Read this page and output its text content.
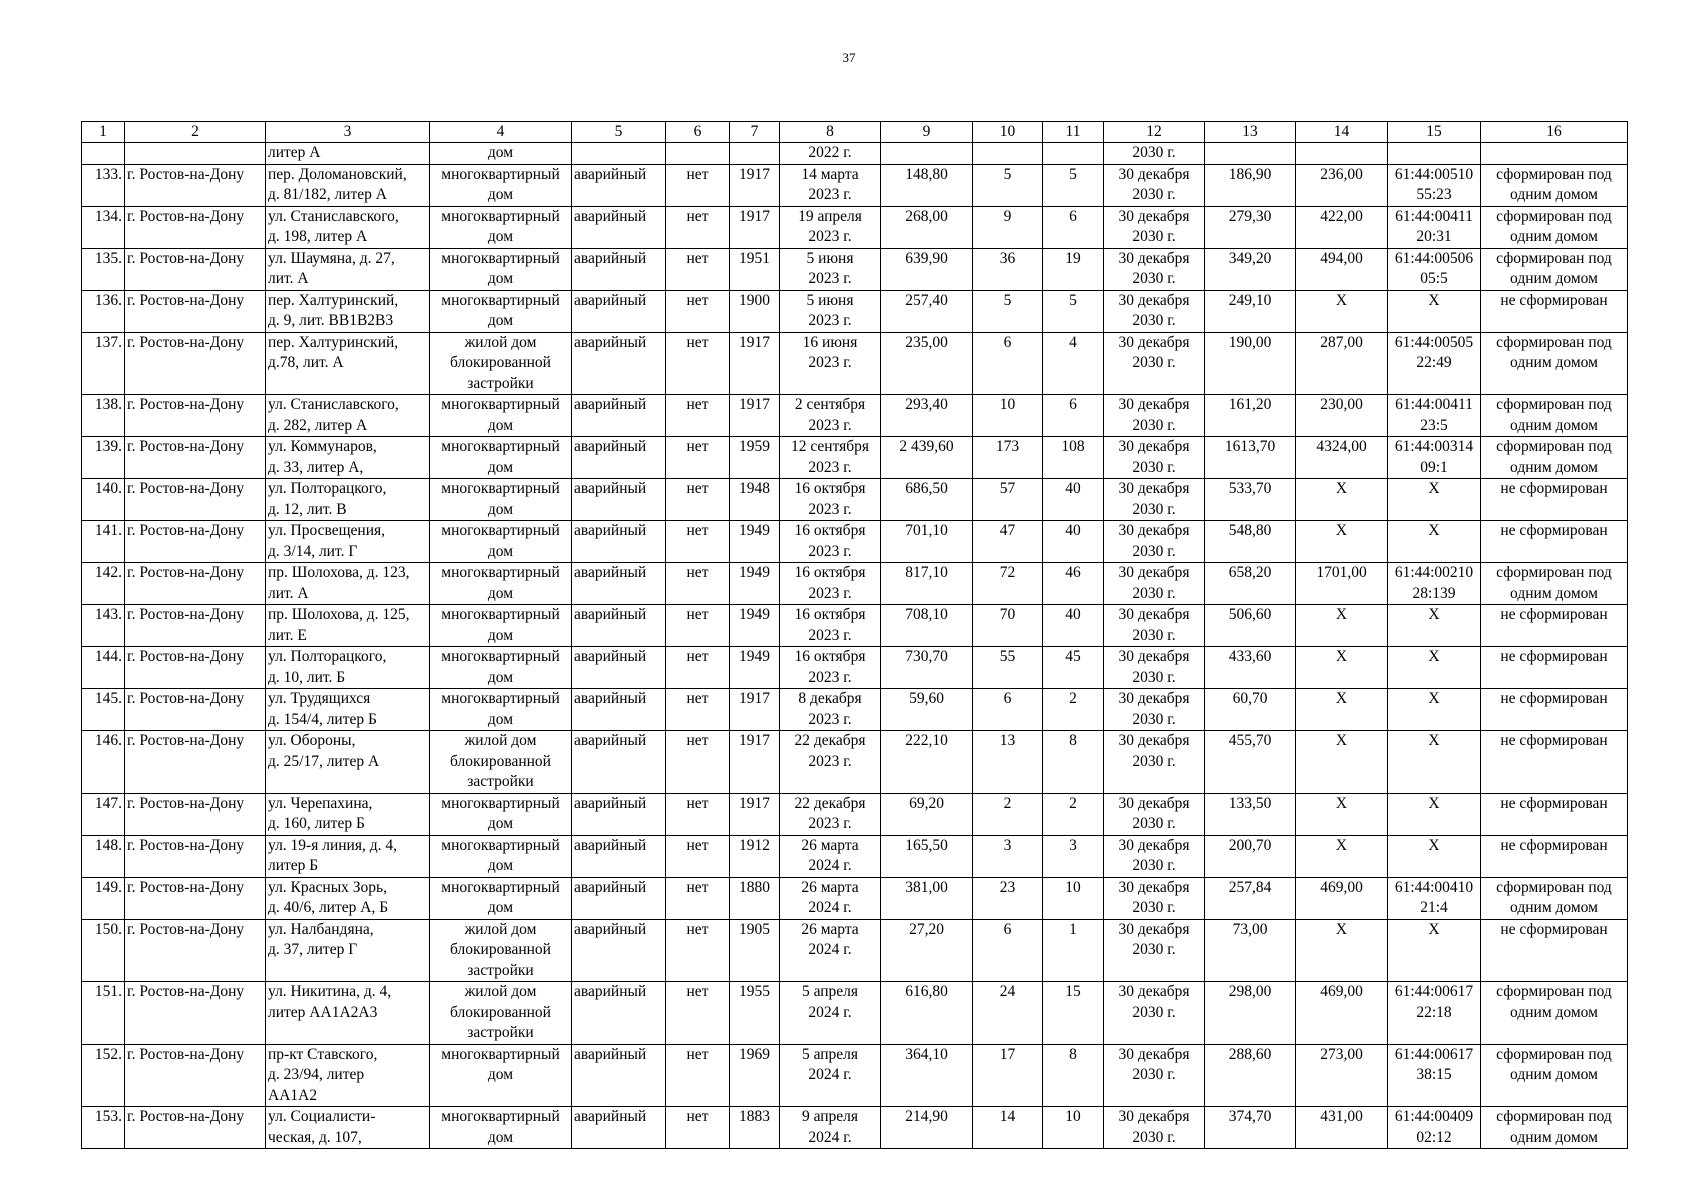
37
1	2	3	4	5	6	7	8	9	10	11	12	13	14	15	16
		литер А	дом				2022 г.				2030 г.				
133.	г. Ростов-на-Дону	пер. Доломановский,
д. 81/182, литер А	многоквартирный
дом	аварийный	нет	1917	14 марта
2023 г.	148,80	5	5	30 декабря
2030 г.	186,90	236,00	61:44:00510
55:23	сформирован под
одним домом
134.	г. Ростов-на-Дону	ул. Станиславского,
д. 198, литер А	многоквартирный
дом	аварийный	нет	1917	19 апреля
2023 г.	268,00	9	6	30 декабря
2030 г.	279,30	422,00	61:44:00411
20:31	сформирован под
одним домом
135.	г. Ростов-на-Дону	ул. Шаумяна, д. 27,
лит. А	многоквартирный
дом	аварийный	нет	1951	5 июня
2023 г.	639,90	36	19	30 декабря
2030 г.	349,20	494,00	61:44:00506
05:5	сформирован под
одним домом
136.	г. Ростов-на-Дону	пер. Халтуринский,
д. 9, лит. ВВ1В2В3	многоквартирный
дом	аварийный	нет	1900	5 июня
2023 г.	257,40	5	5	30 декабря
2030 г.	249,10	Х	Х	не сформирован
137.	г. Ростов-на-Дону	пер. Халтуринский,
д.78, лит. А	жилой дом
блокированной
застройки	аварийный	нет	1917	16 июня
2023 г.	235,00	6	4	30 декабря
2030 г.	190,00	287,00	61:44:00505
22:49	сформирован под
одним домом
138.	г. Ростов-на-Дону	ул. Станиславского,
д. 282, литер А	многоквартирный
дом	аварийный	нет	1917	2 сентября
2023 г.	293,40	10	6	30 декабря
2030 г.	161,20	230,00	61:44:00411
23:5	сформирован под
одним домом
139.	г. Ростов-на-Дону	ул. Коммунаров,
д. 33, литер А,	многоквартирный
дом	аварийный	нет	1959	12 сентября
2023 г.	2 439,60	173	108	30 декабря
2030 г.	1613,70	4324,00	61:44:00314
09:1	сформирован под
одним домом
140.	г. Ростов-на-Дону	ул. Полторацкого,
д. 12, лит. В	многоквартирный
дом	аварийный	нет	1948	16 октября
2023 г.	686,50	57	40	30 декабря
2030 г.	533,70	Х	Х	не сформирован
141.	г. Ростов-на-Дону	ул. Просвещения,
д. 3/14, лит. Г	многоквартирный
дом	аварийный	нет	1949	16 октября
2023 г.	701,10	47	40	30 декабря
2030 г.	548,80	Х	Х	не сформирован
142.	г. Ростов-на-Дону	пр. Шолохова, д. 123,
лит. А	многоквартирный
дом	аварийный	нет	1949	16 октября
2023 г.	817,10	72	46	30 декабря
2030 г.	658,20	1701,00	61:44:00210
28:139	сформирован под
одним домом
143.	г. Ростов-на-Дону	пр. Шолохова, д. 125,
лит. Е	многоквартирный
дом	аварийный	нет	1949	16 октября
2023 г.	708,10	70	40	30 декабря
2030 г.	506,60	Х	Х	не сформирован
144.	г. Ростов-на-Дону	ул. Полторацкого,
д. 10, лит. Б	многоквартирный
дом	аварийный	нет	1949	16 октября
2023 г.	730,70	55	45	30 декабря
2030 г.	433,60	Х	Х	не сформирован
145.	г. Ростов-на-Дону	ул. Трудящихся
д. 154/4, литер Б	многоквартирный
дом	аварийный	нет	1917	8 декабря
2023 г.	59,60	6	2	30 декабря
2030 г.	60,70	Х	Х	не сформирован
146.	г. Ростов-на-Дону	ул. Обороны,
д. 25/17, литер А	жилой дом
блокированной
застройки	аварийный	нет	1917	22 декабря
2023 г.	222,10	13	8	30 декабря
2030 г.	455,70	Х	Х	не сформирован
147.	г. Ростов-на-Дону	ул. Черепахина,
д. 160, литер Б	многоквартирный
дом	аварийный	нет	1917	22 декабря
2023 г.	69,20	2	2	30 декабря
2030 г.	133,50	Х	Х	не сформирован
148.	г. Ростов-на-Дону	ул. 19-я линия, д. 4,
литер Б	многоквартирный
дом	аварийный	нет	1912	26 марта
2024 г.	165,50	3	3	30 декабря
2030 г.	200,70	Х	Х	не сформирован
149.	г. Ростов-на-Дону	ул. Красных Зорь,
д. 40/6, литер А, Б	многоквартирный
дом	аварийный	нет	1880	26 марта
2024 г.	381,00	23	10	30 декабря
2030 г.	257,84	469,00	61:44:00410
21:4	сформирован под
одним домом
150.	г. Ростов-на-Дону	ул. Налбандяна,
д. 37, литер Г	жилой дом
блокированной
застройки	аварийный	нет	1905	26 марта
2024 г.	27,20	6	1	30 декабря
2030 г.	73,00	Х	Х	не сформирован
151.	г. Ростов-на-Дону	ул. Никитина, д. 4,
литер АА1А2А3	жилой дом
блокированной
застройки	аварийный	нет	1955	5 апреля
2024 г.	616,80	24	15	30 декабря
2030 г.	298,00	469,00	61:44:00617
22:18	сформирован под
одним домом
152.	г. Ростов-на-Дону	пр-кт Ставского,
д. 23/94, литер
АА1А2	многоквартирный
дом	аварийный	нет	1969	5 апреля
2024 г.	364,10	17	8	30 декабря
2030 г.	288,60	273,00	61:44:00617
38:15	сформирован под
одним домом
153.	г. Ростов-на-Дону	ул. Социалисти-
ческая, д. 107,	многоквартирный
дом	аварийный	нет	1883	9 апреля
2024 г.	214,90	14	10	30 декабря
2030 г.	374,70	431,00	61:44:00409
02:12	сформирован под
одним домом
